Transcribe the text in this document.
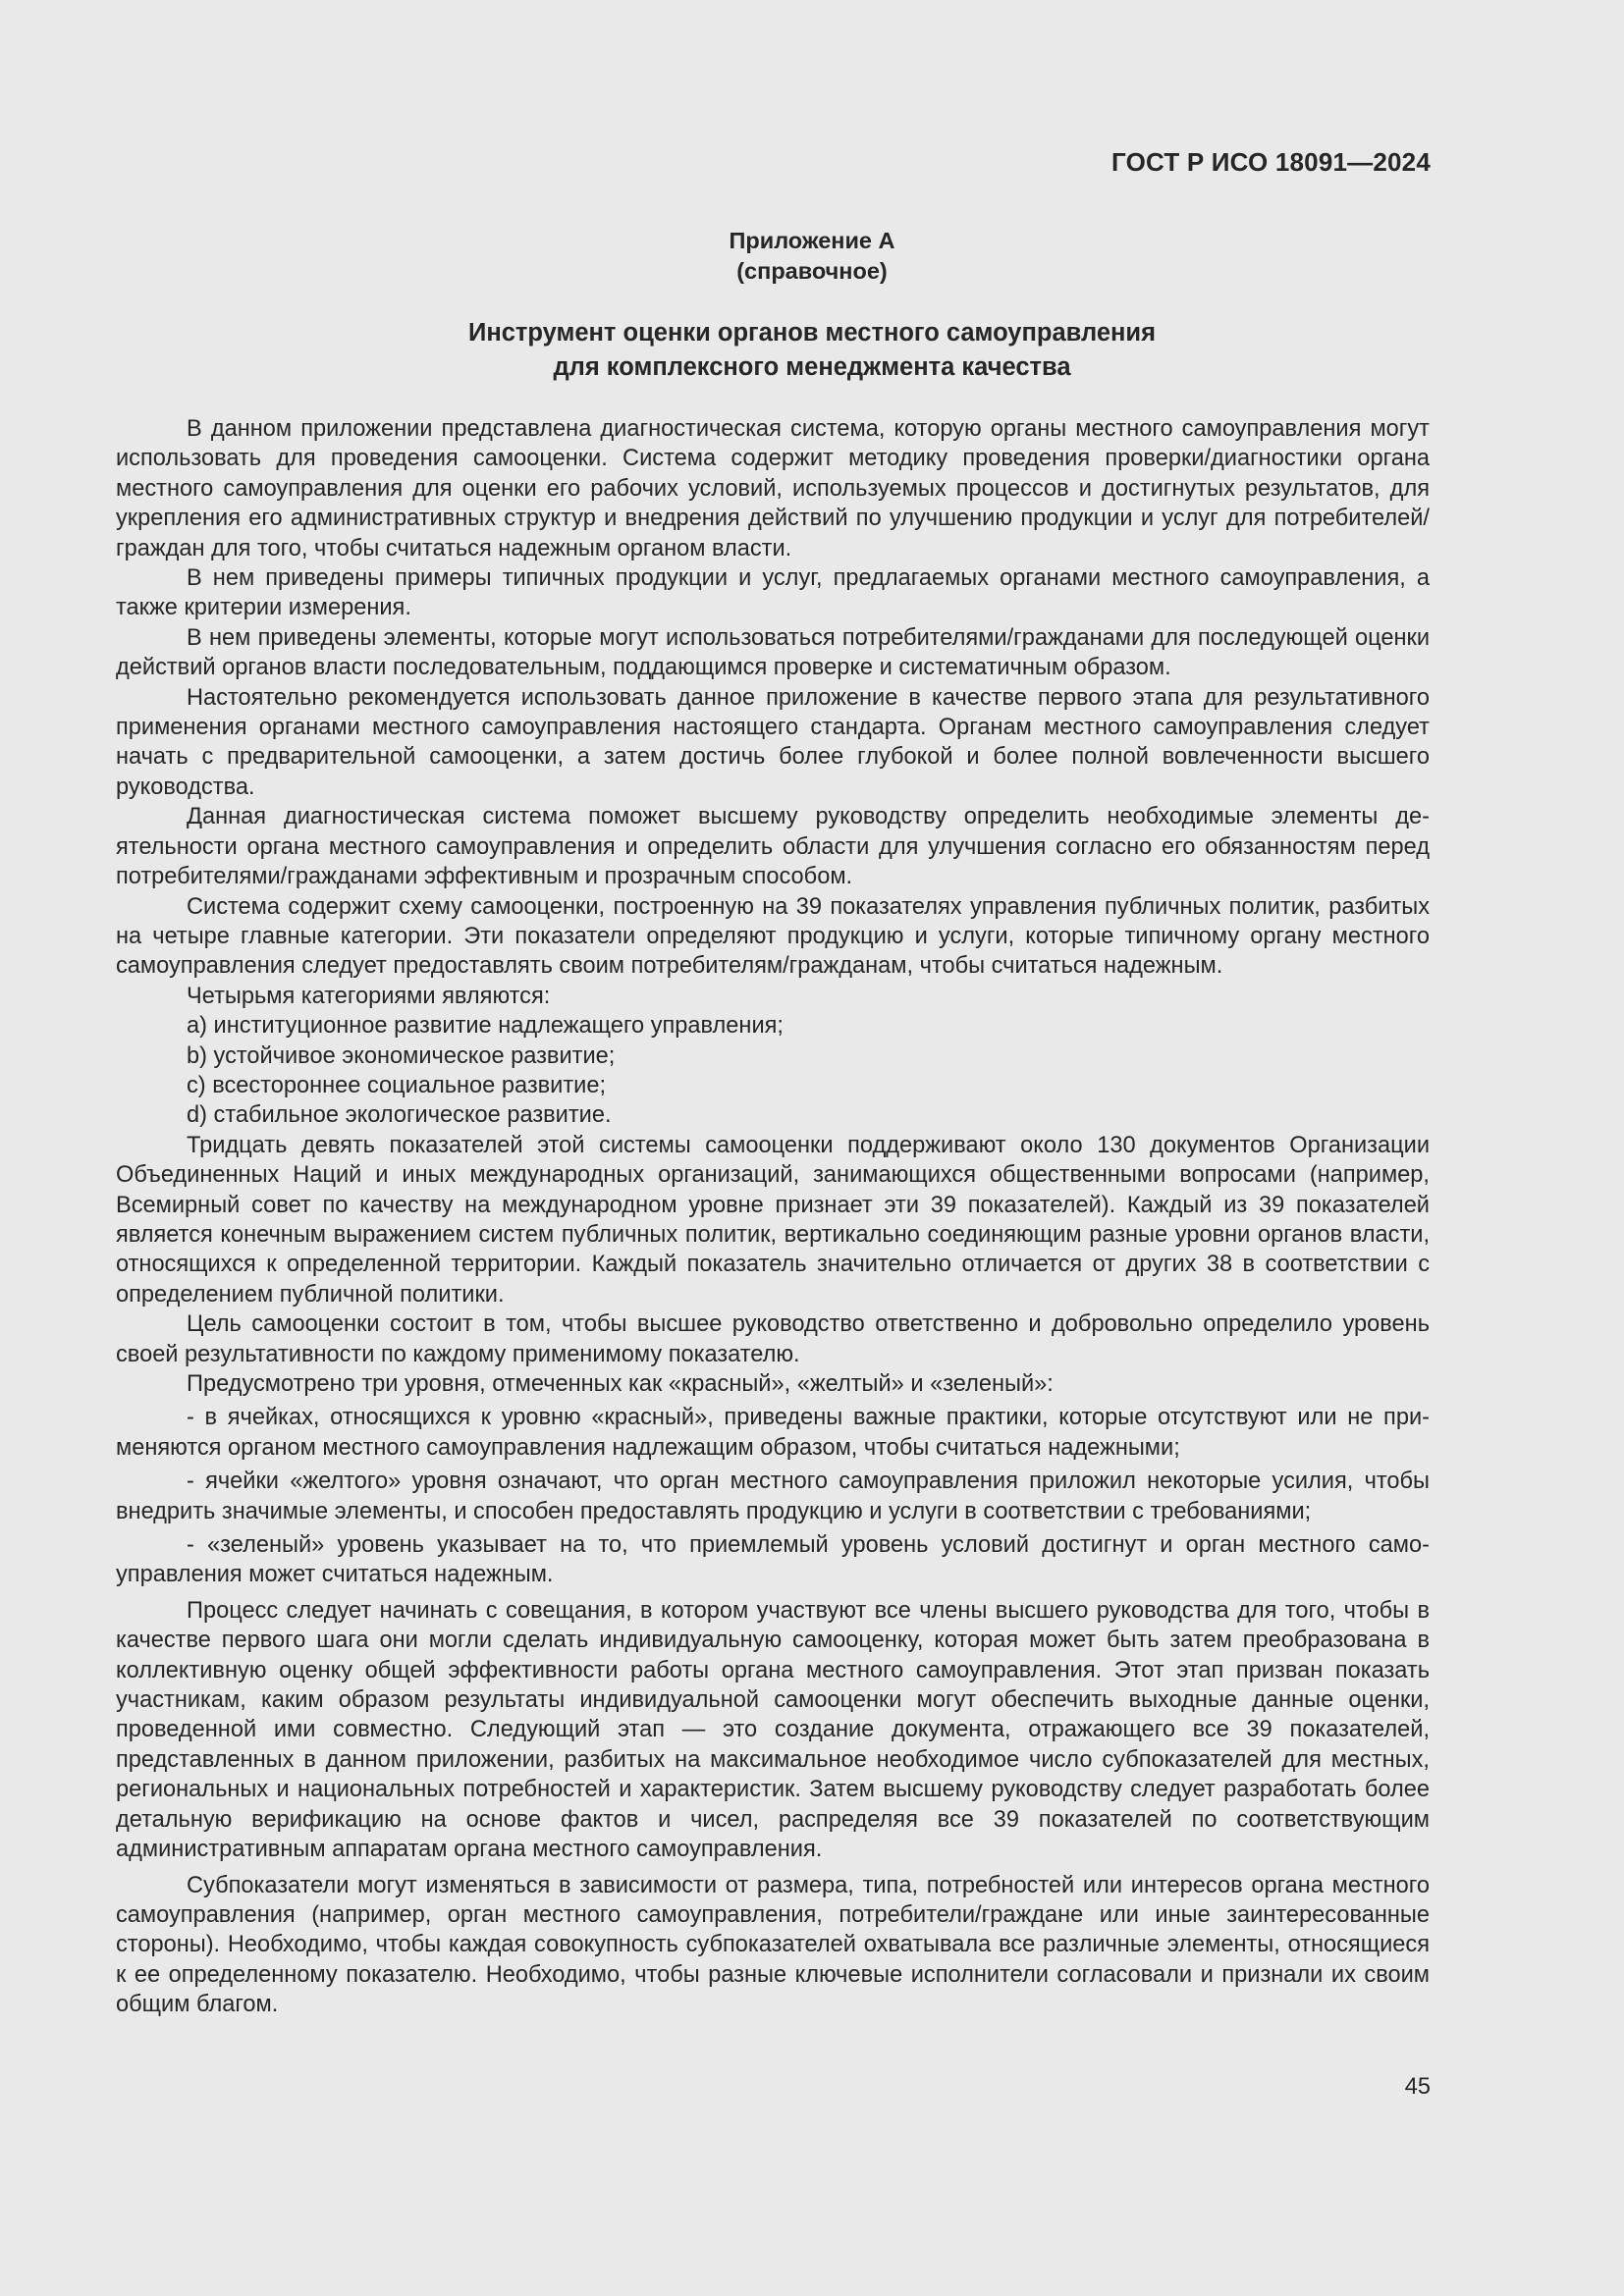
ГОСТ Р ИСО 18091—2024
Приложение А
(справочное)
Инструмент оценки органов местного самоуправления
для комплексного менеджмента качества

В данном приложении представлена диагностическая система, которую органы местного самоуправления могут использовать для проведения самооценки. Система содержит методику проведения проверки/диагностики органа местного самоуправления для оценки его рабочих условий, используемых процессов и достигнутых результатов, для укрепления его административных структур и внедрения действий по улучшению продукции и услуг для потребителей/граждан для того, чтобы считаться надежным органом власти.

В нем приведены примеры типичных продукции и услуг, предлагаемых органами местного самоуправления, а также критерии измерения.

В нем приведены элементы, которые могут использоваться потребителями/гражданами для последующей оценки действий органов власти последовательным, поддающимся проверке и систематичным образом.

Настоятельно рекомендуется использовать данное приложение в качестве первого этапа для результативного применения органами местного самоуправления настоящего стандарта. Органам местного самоуправления следует начать с предварительной самооценки, а затем достичь более глубокой и более полной вовлеченности высшего руководства.

Данная диагностическая система поможет высшему руководству определить необходимые элементы деятельности органа местного самоуправления и определить области для улучшения согласно его обязанностям перед потребителями/гражданами эффективным и прозрачным способом.

Система содержит схему самооценки, построенную на 39 показателях управления публичных политик, разбитых на четыре главные категории. Эти показатели определяют продукцию и услуги, которые типичному органу местного самоуправления следует предоставлять своим потребителям/гражданам, чтобы считаться надежным.

Четырьмя категориями являются:

a) институционное развитие надлежащего управления;

b) устойчивое экономическое развитие;

c) всестороннее социальное развитие;

d) стабильное экологическое развитие.

Тридцать девять показателей этой системы самооценки поддерживают около 130 документов Организации Объединенных Наций и иных международных организаций, занимающихся общественными вопросами (например, Всемирный совет по качеству на международном уровне признает эти 39 показателей). Каждый из 39 показателей является конечным выражением систем публичных политик, вертикально соединяющим разные уровни органов власти, относящихся к определенной территории. Каждый показатель значительно отличается от других 38 в соответствии с определением публичной политики.

Цель самооценки состоит в том, чтобы высшее руководство ответственно и добровольно определило уровень своей результативности по каждому применимому показателю.

Предусмотрено три уровня, отмеченных как «красный», «желтый» и «зеленый»:

- в ячейках, относящихся к уровню «красный», приведены важные практики, которые отсутствуют или не применяются органом местного самоуправления надлежащим образом, чтобы считаться надежными;

- ячейки «желтого» уровня означают, что орган местного самоуправления приложил некоторые усилия, чтобы внедрить значимые элементы, и способен предоставлять продукцию и услуги в соответствии с требованиями;

- «зеленый» уровень указывает на то, что приемлемый уровень условий достигнут и орган местного самоуправления может считаться надежным.

Процесс следует начинать с совещания, в котором участвуют все члены высшего руководства для того, чтобы в качестве первого шага они могли сделать индивидуальную самооценку, которая может быть затем преобразована в коллективную оценку общей эффективности работы органа местного самоуправления. Этот этап призван показать участникам, каким образом результаты индивидуальной самооценки могут обеспечить выходные данные оценки, проведенной ими совместно. Следующий этап — это создание документа, отражающего все 39 показателей, представленных в данном приложении, разбитых на максимальное необходимое число субпоказателей для местных, региональных и национальных потребностей и характеристик. Затем высшему руководству следует разработать более детальную верификацию на основе фактов и чисел, распределяя все 39 показателей по соответствующим административным аппаратам органа местного самоуправления.

Субпоказатели могут изменяться в зависимости от размера, типа, потребностей или интересов органа местного самоуправления (например, орган местного самоуправления, потребители/граждане или иные заинтересованные стороны). Необходимо, чтобы каждая совокупность субпоказателей охватывала все различные элементы, относящиеся к ее определенному показателю. Необходимо, чтобы разные ключевые исполнители согласовали и признали их своим общим благом.

45
